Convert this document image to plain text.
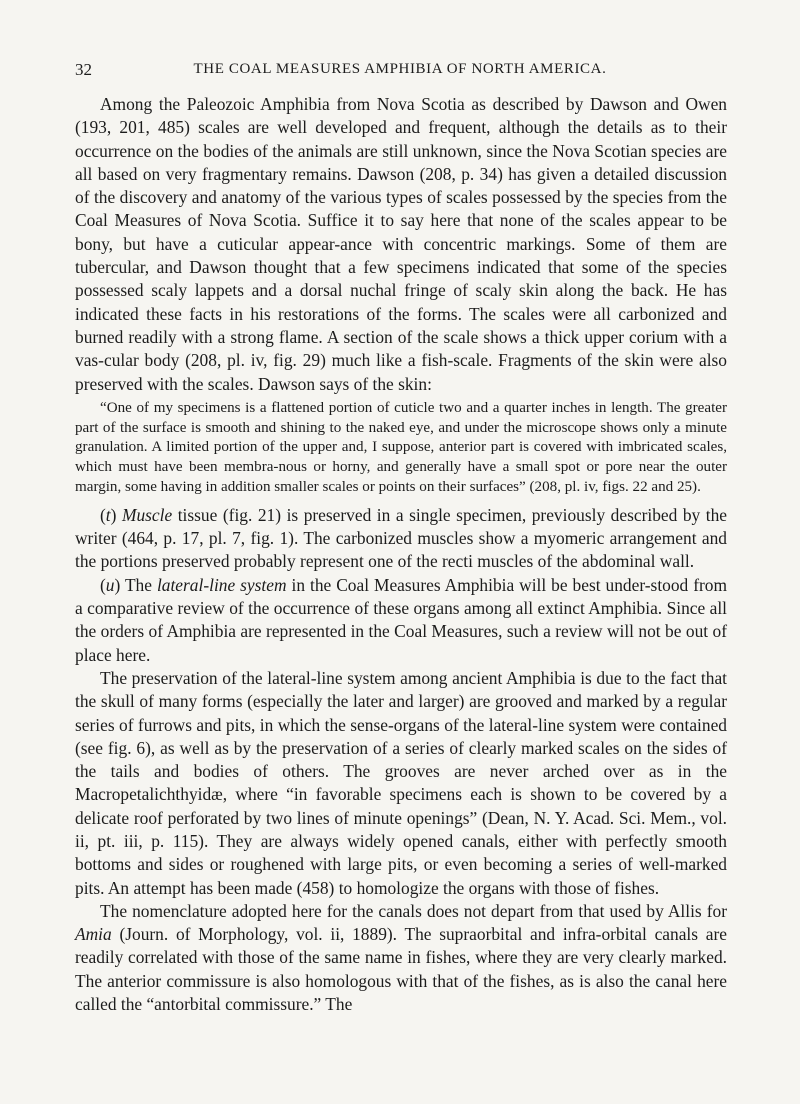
32	THE COAL MEASURES AMPHIBIA OF NORTH AMERICA.

Among the Paleozoic Amphibia from Nova Scotia as described by Dawson and Owen (193, 201, 485) scales are well developed and frequent, although the details as to their occurrence on the bodies of the animals are still unknown, since the Nova Scotian species are all based on very fragmentary remains. Dawson (208, p. 34) has given a detailed discussion of the discovery and anatomy of the various types of scales possessed by the species from the Coal Measures of Nova Scotia. Suffice it to say here that none of the scales appear to be bony, but have a cuticular appear-ance with concentric markings. Some of them are tubercular, and Dawson thought that a few specimens indicated that some of the species possessed scaly lappets and a dorsal nuchal fringe of scaly skin along the back. He has indicated these facts in his restorations of the forms. The scales were all carbonized and burned readily with a strong flame. A section of the scale shows a thick upper corium with a vas-cular body (208, pl. iv, fig. 29) much like a fish-scale. Fragments of the skin were also preserved with the scales. Dawson says of the skin:

“One of my specimens is a flattened portion of cuticle two and a quarter inches in length. The greater part of the surface is smooth and shining to the naked eye, and under the microscope shows only a minute granulation. A limited portion of the upper and, I suppose, anterior part is covered with imbricated scales, which must have been membra-nous or horny, and generally have a small spot or pore near the outer margin, some having in addition smaller scales or points on their surfaces” (208, pl. iv, figs. 22 and 25).

(t) Muscle tissue (fig. 21) is preserved in a single specimen, previously described by the writer (464, p. 17, pl. 7, fig. 1). The carbonized muscles show a myomeric arrangement and the portions preserved probably represent one of the recti muscles of the abdominal wall.

(u) The lateral-line system in the Coal Measures Amphibia will be best under-stood from a comparative review of the occurrence of these organs among all extinct Amphibia. Since all the orders of Amphibia are represented in the Coal Measures, such a review will not be out of place here.

The preservation of the lateral-line system among ancient Amphibia is due to the fact that the skull of many forms (especially the later and larger) are grooved and marked by a regular series of furrows and pits, in which the sense-organs of the lateral-line system were contained (see fig. 6), as well as by the preservation of a series of clearly marked scales on the sides of the tails and bodies of others. The grooves are never arched over as in the Macropetalichthyidæ, where “in favorable specimens each is shown to be covered by a delicate roof perforated by two lines of minute openings” (Dean, N. Y. Acad. Sci. Mem., vol. ii, pt. iii, p. 115). They are always widely opened canals, either with perfectly smooth bottoms and sides or roughened with large pits, or even becoming a series of well-marked pits. An attempt has been made (458) to homologize the organs with those of fishes.

The nomenclature adopted here for the canals does not depart from that used by Allis for Amia (Journ. of Morphology, vol. ii, 1889). The supraorbital and infra-orbital canals are readily correlated with those of the same name in fishes, where they are very clearly marked. The anterior commissure is also homologous with that of the fishes, as is also the canal here called the “antorbital commissure.” The
